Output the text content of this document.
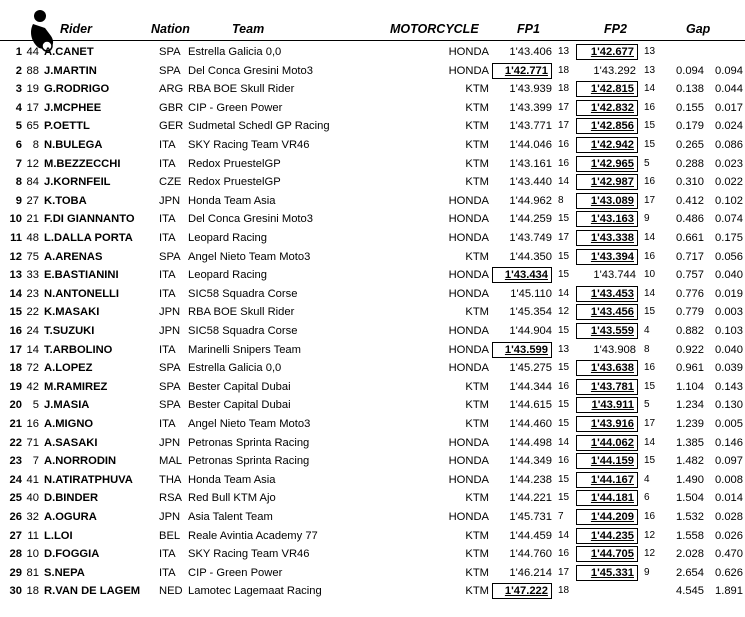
Rider	Nation	Team	MOTORCYCLE	FP1	FP2	Gap
1 44 A.CANET	SPA Estrella Galicia 0,0	HONDA	1'43.406 13	1'42.677	13
2 88 J.MARTIN	SPA Del Conca Gresini Moto3	HONDA	1'42.771	18	1'43.292 13	0.094 0.094
3 19 G.RODRIGO	ARG RBA BOE Skull Rider	KTM	1'43.939 18	1'42.815	14	0.138 0.044
4 17 J.MCPHEE	GBR CIP - Green Power	KTM	1'43.399 17	1'42.832	16	0.155 0.017
5 65 P.OETTL	GER Sudmetal Schedl GP Racing	KTM	1'43.771 17	1'42.856	15	0.179 0.024
6 8 N.BULEGA	ITA SKY Racing Team VR46	KTM	1'44.046 16	1'42.942	15	0.265 0.086
7 12 M.BEZZECCHI	ITA Redox PruestelGP	KTM	1'43.161 16	1'42.965	5	0.288 0.023
8 84 J.KORNFEIL	CZE Redox PruestelGP	KTM	1'43.440 14	1'42.987	16	0.310 0.022
9 27 K.TOBA	JPN Honda Team Asia	HONDA	1'44.962 8	1'43.089	17	0.412 0.102
10 21 F.DI GIANNANTO	ITA Del Conca Gresini Moto3	HONDA	1'44.259 15	1'43.163	9	0.486 0.074
11 48 L.DALLA PORTA	ITA Leopard Racing	HONDA	1'43.749 17	1'43.338	14	0.661 0.175
12 75 A.ARENAS	SPA Angel Nieto Team Moto3	KTM	1'44.350 15	1'43.394	16	0.717 0.056
13 33 E.BASTIANINI	ITA Leopard Racing	HONDA	1'43.434	15	1'43.744 10	0.757 0.040
14 23 N.ANTONELLI	ITA SIC58 Squadra Corse	HONDA	1'45.110 14	1'43.453	14	0.776 0.019
15 22 K.MASAKI	JPN RBA BOE Skull Rider	KTM	1'45.354 12	1'43.456	15	0.779 0.003
16 24 T.SUZUKI	JPN SIC58 Squadra Corse	HONDA	1'44.904 15	1'43.559	4	0.882 0.103
17 14 T.ARBOLINO	ITA Marinelli Snipers Team	HONDA	1'43.599	13	1'43.908 8	0.922 0.040
18 72 A.LOPEZ	SPA Estrella Galicia 0,0	HONDA	1'45.275 15	1'43.638	16	0.961 0.039
19 42 M.RAMIREZ	SPA Bester Capital Dubai	KTM	1'44.344 16	1'43.781	15	1.104 0.143
20 5 J.MASIA	SPA Bester Capital Dubai	KTM	1'44.615 15	1'43.911	5	1.234 0.130
21 16 A.MIGNO	ITA Angel Nieto Team Moto3	KTM	1'44.460 15	1'43.916	17	1.239 0.005
22 71 A.SASAKI	JPN Petronas Sprinta Racing	HONDA	1'44.498 14	1'44.062	14	1.385 0.146
23 7 A.NORRODIN	MAL Petronas Sprinta Racing	HONDA	1'44.349 16	1'44.159	15	1.482 0.097
24 41 N.ATIRATPHUVA	THA Honda Team Asia	HONDA	1'44.238 15	1'44.167	4	1.490 0.008
25 40 D.BINDER	RSA Red Bull KTM Ajo	KTM	1'44.221 15	1'44.181	6	1.504 0.014
26 32 A.OGURA	JPN Asia Talent Team	HONDA	1'45.731 7	1'44.209	16	1.532 0.028
27 11 L.LOI	BEL Reale Avintia Academy 77	KTM	1'44.459 14	1'44.235	12	1.558 0.026
28 10 D.FOGGIA	ITA SKY Racing Team VR46	KTM	1'44.760 16	1'44.705	12	2.028 0.470
29 81 S.NEPA	ITA CIP - Green Power	KTM	1'46.214 17	1'45.331	9	2.654 0.626
30 18 R.VAN DE LAGEM	NED Lamotec Lagemaat Racing	KTM	1'47.222	18	4.545 1.891
